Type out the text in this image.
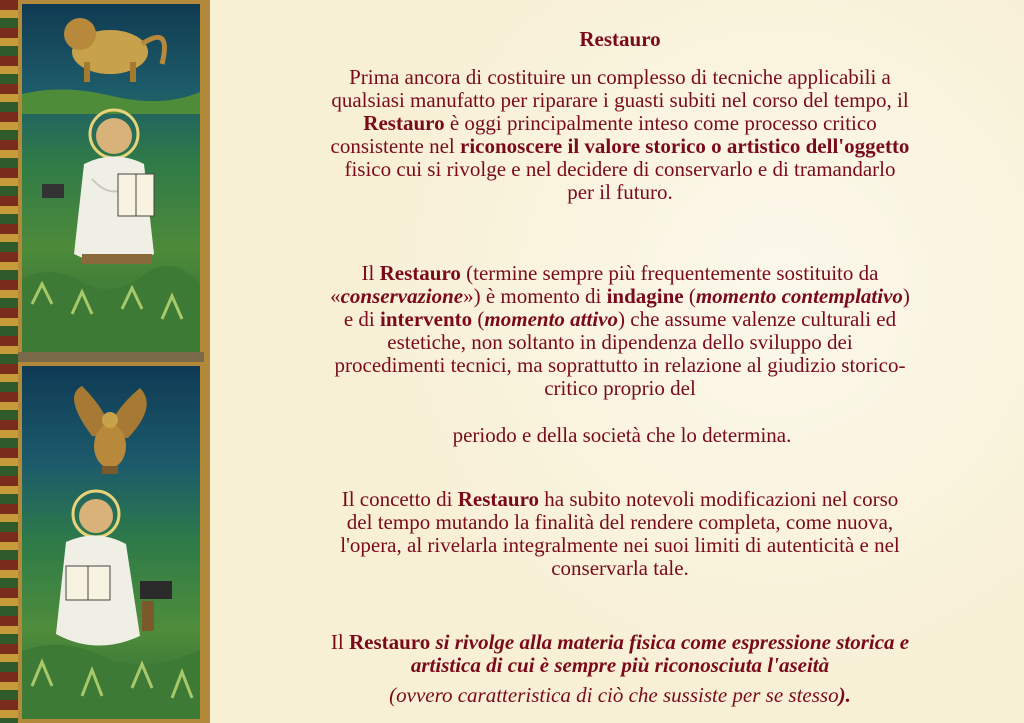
Restauro
Prima ancora di costituire un complesso di tecniche applicabili a
qualsiasi manufatto per riparare i guasti subiti nel corso del tempo, il
Restauro è oggi principalmente inteso come processo critico
consistente nel riconoscere il valore storico o artistico dell'oggetto
fisico cui si rivolge e nel decidere di conservarlo e di tramandarlo
per il futuro.
Il Restauro (termine sempre più frequentemente sostituito da
«conservazione») è momento di indagine (momento contemplativo)
e di intervento (momento attivo) che assume valenze culturali ed
estetiche, non soltanto in dipendenza dello sviluppo dei
procedimenti tecnici, ma soprattutto in relazione al giudizio storico-
critico proprio del
periodo e della società che lo determina.
Il concetto di Restauro ha subito notevoli modificazioni nel corso
del tempo mutando la finalità del rendere completa, come nuova,
l'opera, al rivelarla integralmente nei suoi limiti di autenticità e nel
conservarla tale.
Il Restauro si rivolge alla materia fisica come espressione storica e
artistica di cui è sempre più riconosciuta l'aseità
(ovvero caratteristica di ciò che sussiste per se stesso).
